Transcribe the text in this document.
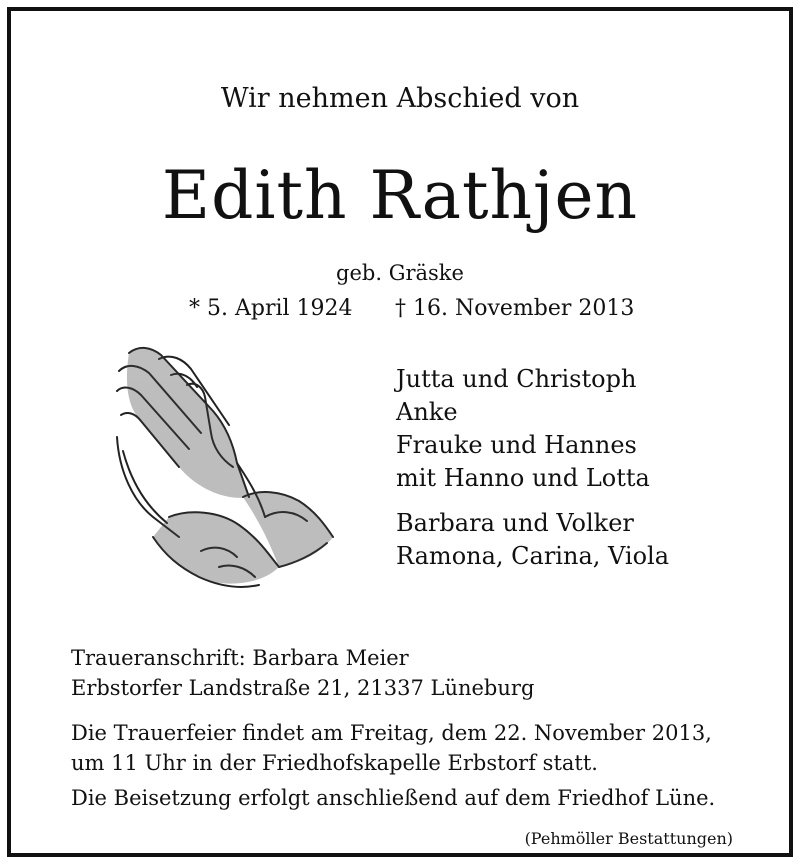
Wir nehmen Abschied von
Edith Rathjen
geb. Gräske
* 5. April 1924 † 16. November 2013
Jutta und Christoph
Anke
Frauke und Hannes
mit Hanno und Lotta
Barbara und Volker
Ramona, Carina, Viola
Traueranschrift: Barbara Meier
Erbstorfer Landstraße 21, 21337 Lüneburg
Die Trauerfeier findet am Freitag, dem 22. November 2013,
um 11 Uhr in der Friedhofskapelle Erbstorf statt.
Die Beisetzung erfolgt anschließend auf dem Friedhof Lüne.
(Pehmöller Bestattungen)
